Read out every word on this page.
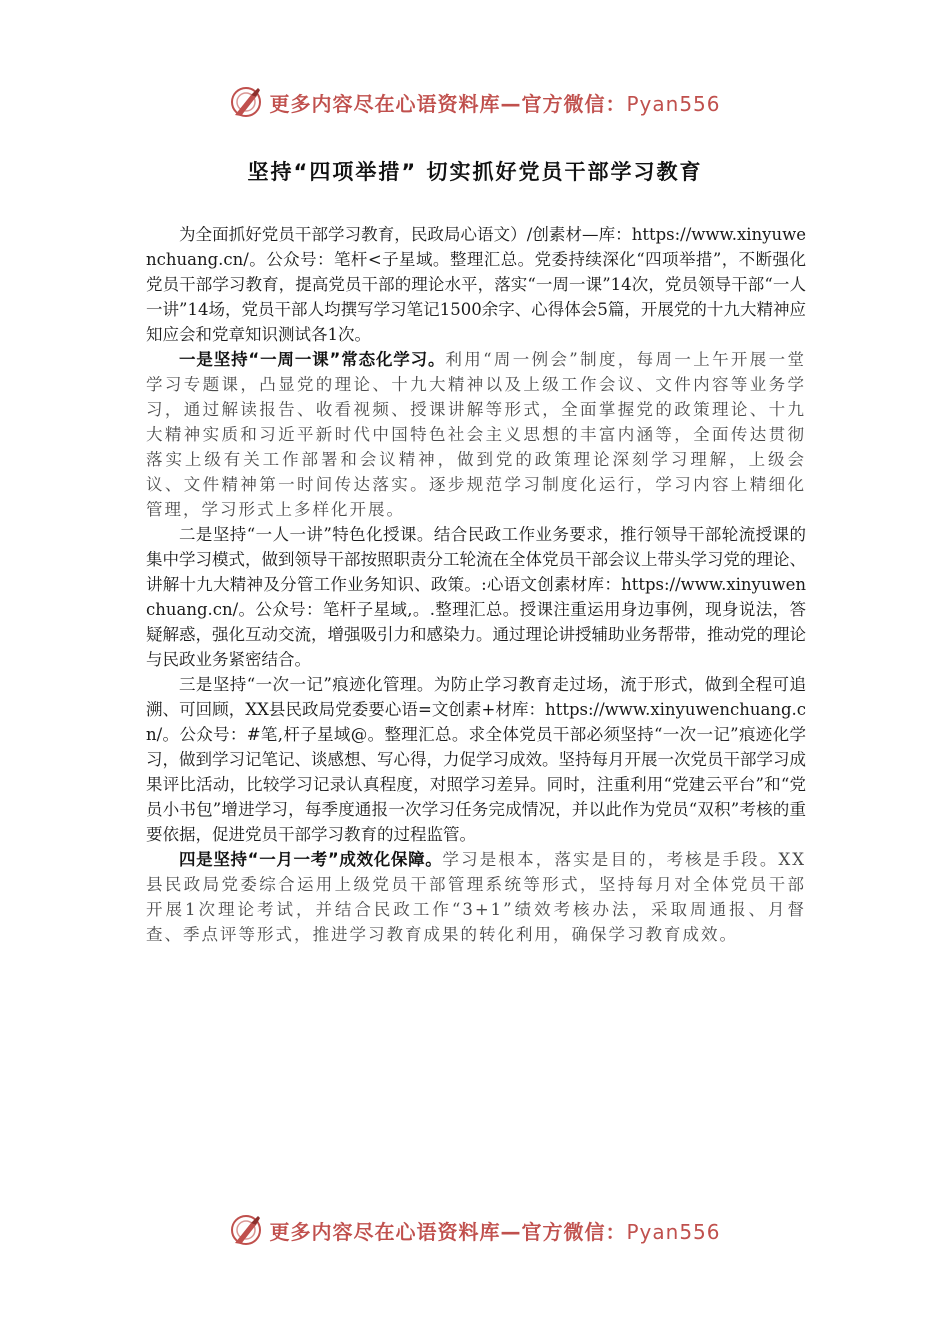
更多内容尽在心语资料库—官方微信：Pyan556
坚持“四项举措” 切实抓好党员干部学习教育

为全面抓好党员干部学习教育，民政局心语文）/创素材—库：https://www.xinyuwenchuang.cn/。公众号：笔杆<子星域。整理汇总。党委持续深化“四项举措”，不断强化党员干部学习教育，提高党员干部的理论水平，落实“一周一课”14次，党员领导干部“一人一讲”14场，党员干部人均撰写学习笔记1500余字、心得体会5篇，开展党的十九大精神应知应会和党章知识测试各1次。

一是坚持“一周一课”常态化学习。利用“周一例会”制度，每周一上午开展一堂学习专题课，凸显党的理论、十九大精神以及上级工作会议、文件内容等业务学习，通过解读报告、收看视频、授课讲解等形式，全面掌握党的政策理论、十九大精神实质和习近平新时代中国特色社会主义思想的丰富内涵等，全面传达贯彻落实上级有关工作部署和会议精神，做到党的政策理论深刻学习理解，上级会议、文件精神第一时间传达落实。逐步规范学习制度化运行，学习内容上精细化管理，学习形式上多样化开展。

二是坚持“一人一讲”特色化授课。结合民政工作业务要求，推行领导干部轮流授课的集中学习模式，做到领导干部按照职责分工轮流在全体党员干部会议上带头学习党的理论、讲解十九大精神及分管工作业务知识、政策。:心语文创素材库：https://www.xinyuwenchuang.cn/。公众号：笔杆子星域,。.整理汇总。授课注重运用身边事例，现身说法，答疑解惑，强化互动交流，增强吸引力和感染力。通过理论讲授辅助业务帮带，推动党的理论与民政业务紧密结合。

三是坚持“一次一记”痕迹化管理。为防止学习教育走过场，流于形式，做到全程可追溯、可回顾，XX县民政局党委要心语=文创素+材库：https://www.xinyuwenchuang.cn/。公众号：#笔,杆子星域@。整理汇总。求全体党员干部必须坚持“一次一记”痕迹化学习，做到学习记笔记、谈感想、写心得，力促学习成效。坚持每月开展一次党员干部学习成果评比活动，比较学习记录认真程度，对照学习差异。同时，注重利用“党建云平台”和“党员小书包”增进学习，每季度通报一次学习任务完成情况，并以此作为党员“双积”考核的重要依据，促进党员干部学习教育的过程监管。

四是坚持“一月一考”成效化保障。学习是根本，落实是目的，考核是手段。XX县民政局党委综合运用上级党员干部管理系统等形式，坚持每月对全体党员干部开展1次理论考试，并结合民政工作“3+1”绩效考核办法，采取周通报、月督查、季点评等形式，推进学习教育成果的转化利用，确保学习教育成效。

更多内容尽在心语资料库—官方微信：Pyan556
